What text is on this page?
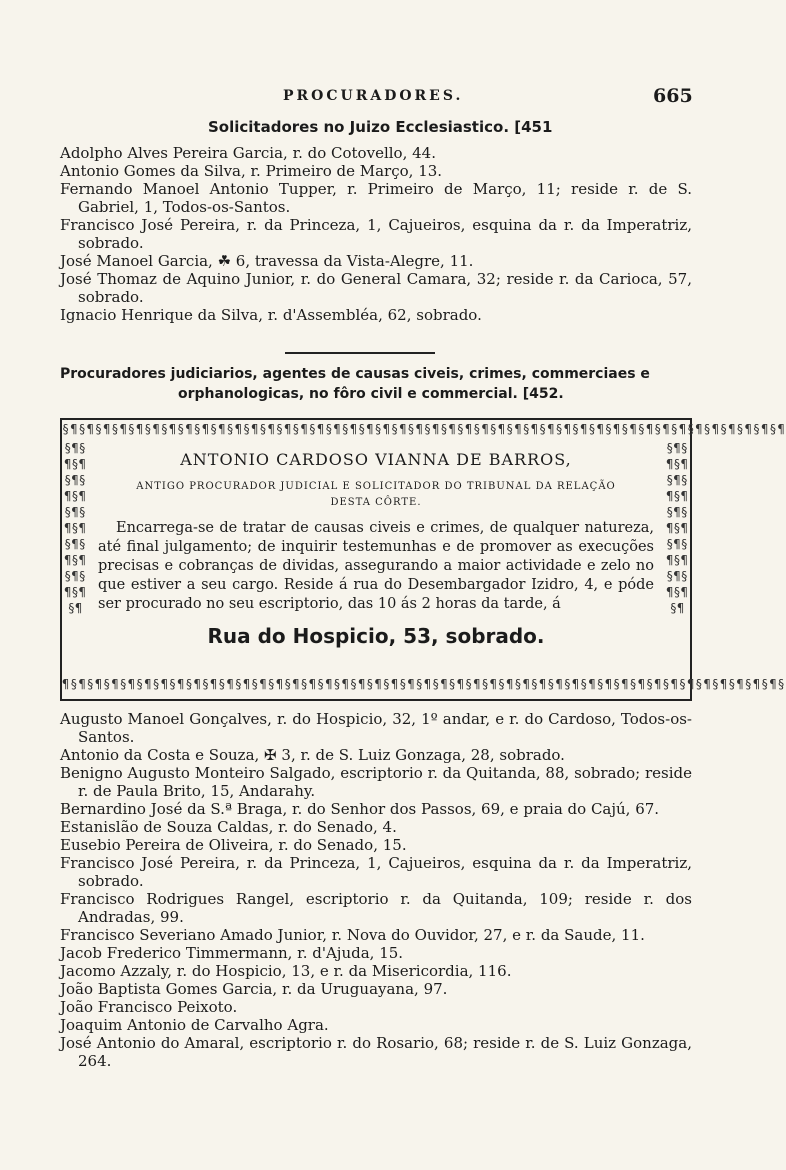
PROCURADORES.	665
Solicitadores no Juizo Ecclesiastico. [451

Adolpho Alves Pereira Garcia, r. do Cotovello, 44.

Antonio Gomes da Silva, r. Primeiro de Março, 13.

Fernando Manoel Antonio Tupper, r. Primeiro de Março, 11; reside r. de S. Gabriel, 1, Todos-os-Santos.

Francisco José Pereira, r. da Princeza, 1, Cajueiros, esquina da r. da Imperatriz, sobrado.

José Manoel Garcia, ☘ 6, travessa da Vista-Alegre, 11.

José Thomaz de Aquino Junior, r. do General Camara, 32; reside r. da Carioca, 57, sobrado.

Ignacio Henrique da Silva, r. d'Assembléa, 62, sobrado.

Procuradores judiciarios, agentes de causas civeis, crimes, commerciaes e
orphanologicas, no fôro civil e commercial. [452.
§¶§¶§¶§¶§¶§¶§¶§¶§¶§¶§¶§¶§¶§¶§¶§¶§¶§¶§¶§¶§¶§¶§¶§¶§¶§¶§¶§¶§¶§¶§¶§¶§¶§¶§¶§¶§¶§¶§¶§¶§¶§¶§¶§¶
§¶§¶§¶§¶§¶§¶§¶§¶§¶§¶§¶§¶§¶§¶§¶§¶
§¶§¶§¶§¶§¶§¶§¶§¶§¶§¶§¶§¶§¶§¶§¶§¶
¶§¶§¶§¶§¶§¶§¶§¶§¶§¶§¶§¶§¶§¶§¶§¶§¶§¶§¶§¶§¶§¶§¶§¶§¶§¶§¶§¶§¶§¶§¶§¶§¶§¶§¶§¶§¶§¶§¶§¶§¶§¶§¶§¶§
ANTONIO CARDOSO VIANNA DE BARROS,
ANTIGO PROCURADOR JUDICIAL E SOLICITADOR DO TRIBUNAL DA RELAÇÃO
DESTA CÔRTE.
Encarrega-se de tratar de causas civeis e crimes, de qualquer natureza, até final julgamento; de inquirir testemunhas e de promover as execuções precisas e cobranças de dividas, assegurando a maior actividade e zelo no que estiver a seu cargo. Reside á rua do Desembargador Izidro, 4, e póde ser procurado no seu escriptorio, das 10 ás 2 horas da tarde, á
Rua do Hospicio, 53, sobrado.

Augusto Manoel Gonçalves, r. do Hospicio, 32, 1º andar, e r. do Cardoso, Todos-os-Santos.

Antonio da Costa e Souza, ✠ 3, r. de S. Luiz Gonzaga, 28, sobrado.

Benigno Augusto Monteiro Salgado, escriptorio r. da Quitanda, 88, sobrado; reside r. de Paula Brito, 15, Andarahy.

Bernardino José da S.ª Braga, r. do Senhor dos Passos, 69, e praia do Cajú, 67.

Estanislão de Souza Caldas, r. do Senado, 4.

Eusebio Pereira de Oliveira, r. do Senado, 15.

Francisco José Pereira, r. da Princeza, 1, Cajueiros, esquina da r. da Imperatriz, sobrado.

Francisco Rodrigues Rangel, escriptorio r. da Quitanda, 109; reside r. dos Andradas, 99.

Francisco Severiano Amado Junior, r. Nova do Ouvidor, 27, e r. da Saude, 11.

Jacob Frederico Timmermann, r. d'Ajuda, 15.

Jacomo Azzaly, r. do Hospicio, 13, e r. da Misericordia, 116.

João Baptista Gomes Garcia, r. da Uruguayana, 97.

João Francisco Peixoto.

Joaquim Antonio de Carvalho Agra.

José Antonio do Amaral, escriptorio r. do Rosario, 68; reside r. de S. Luiz Gonzaga, 264.
